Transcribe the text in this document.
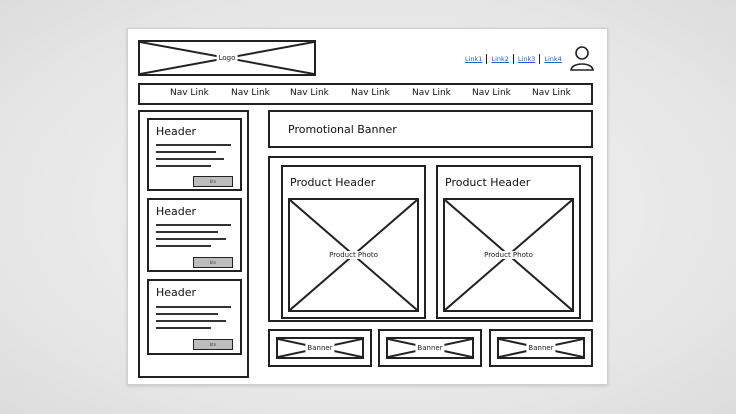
Logo	Link1 Link2 Link3 Link4
Nav Link Nav Link Nav Link Nav Link Nav Link Nav Link Nav Link
Header
btn
Header
btn
Header
btn
Promotional Banner
Product Header
Product Photo
Product Header
Product Photo
Banner	Banner	Banner
